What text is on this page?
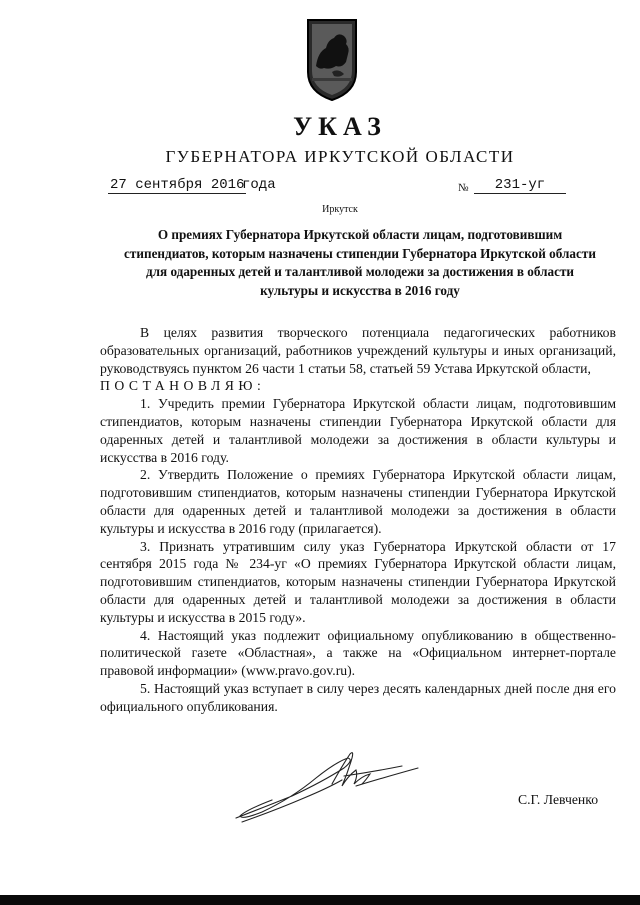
УКАЗ
ГУБЕРНАТОРА ИРКУТСКОЙ ОБЛАСТИ
27 сентября 2016
года	№	231-уг
Иркутск
О премиях Губернатора Иркутской области лицам, подготовившим стипендиатов, которым назначены стипендии Губернатора Иркутской области для одаренных детей и талантливой молодежи за достижения в области культуры и искусства в 2016 году

В целях развития творческого потенциала педагогических работников образовательных организаций, работников учреждений культуры и иных организаций, руководствуясь пунктом 26 части 1 статьи 58, статьей 59 Устава Иркутской области,

ПОСТАНОВЛЯЮ:

1. Учредить премии Губернатора Иркутской области лицам, подготовившим стипендиатов, которым назначены стипендии Губернатора Иркутской области для одаренных детей и талантливой молодежи за достижения в области культуры и искусства в 2016 году.

2. Утвердить Положение о премиях Губернатора Иркутской области лицам, подготовившим стипендиатов, которым назначены стипендии Губернатора Иркутской области для одаренных детей и талантливой молодежи за достижения в области культуры и искусства в 2016 году (прилагается).

3. Признать утратившим силу указ Губернатора Иркутской области от 17 сентября 2015 года № 234-уг «О премиях Губернатора Иркутской области лицам, подготовившим стипендиатов, которым назначены стипендии Губернатора Иркутской области для одаренных детей и талантливой молодежи за достижения в области культуры и искусства в 2015 году».

4. Настоящий указ подлежит официальному опубликованию в общественно-политической газете «Областная», а также на «Официальном интернет-портале правовой информации» (www.pravo.gov.ru).

5. Настоящий указ вступает в силу через десять календарных дней после дня его официального опубликования.

С.Г. Левченко
